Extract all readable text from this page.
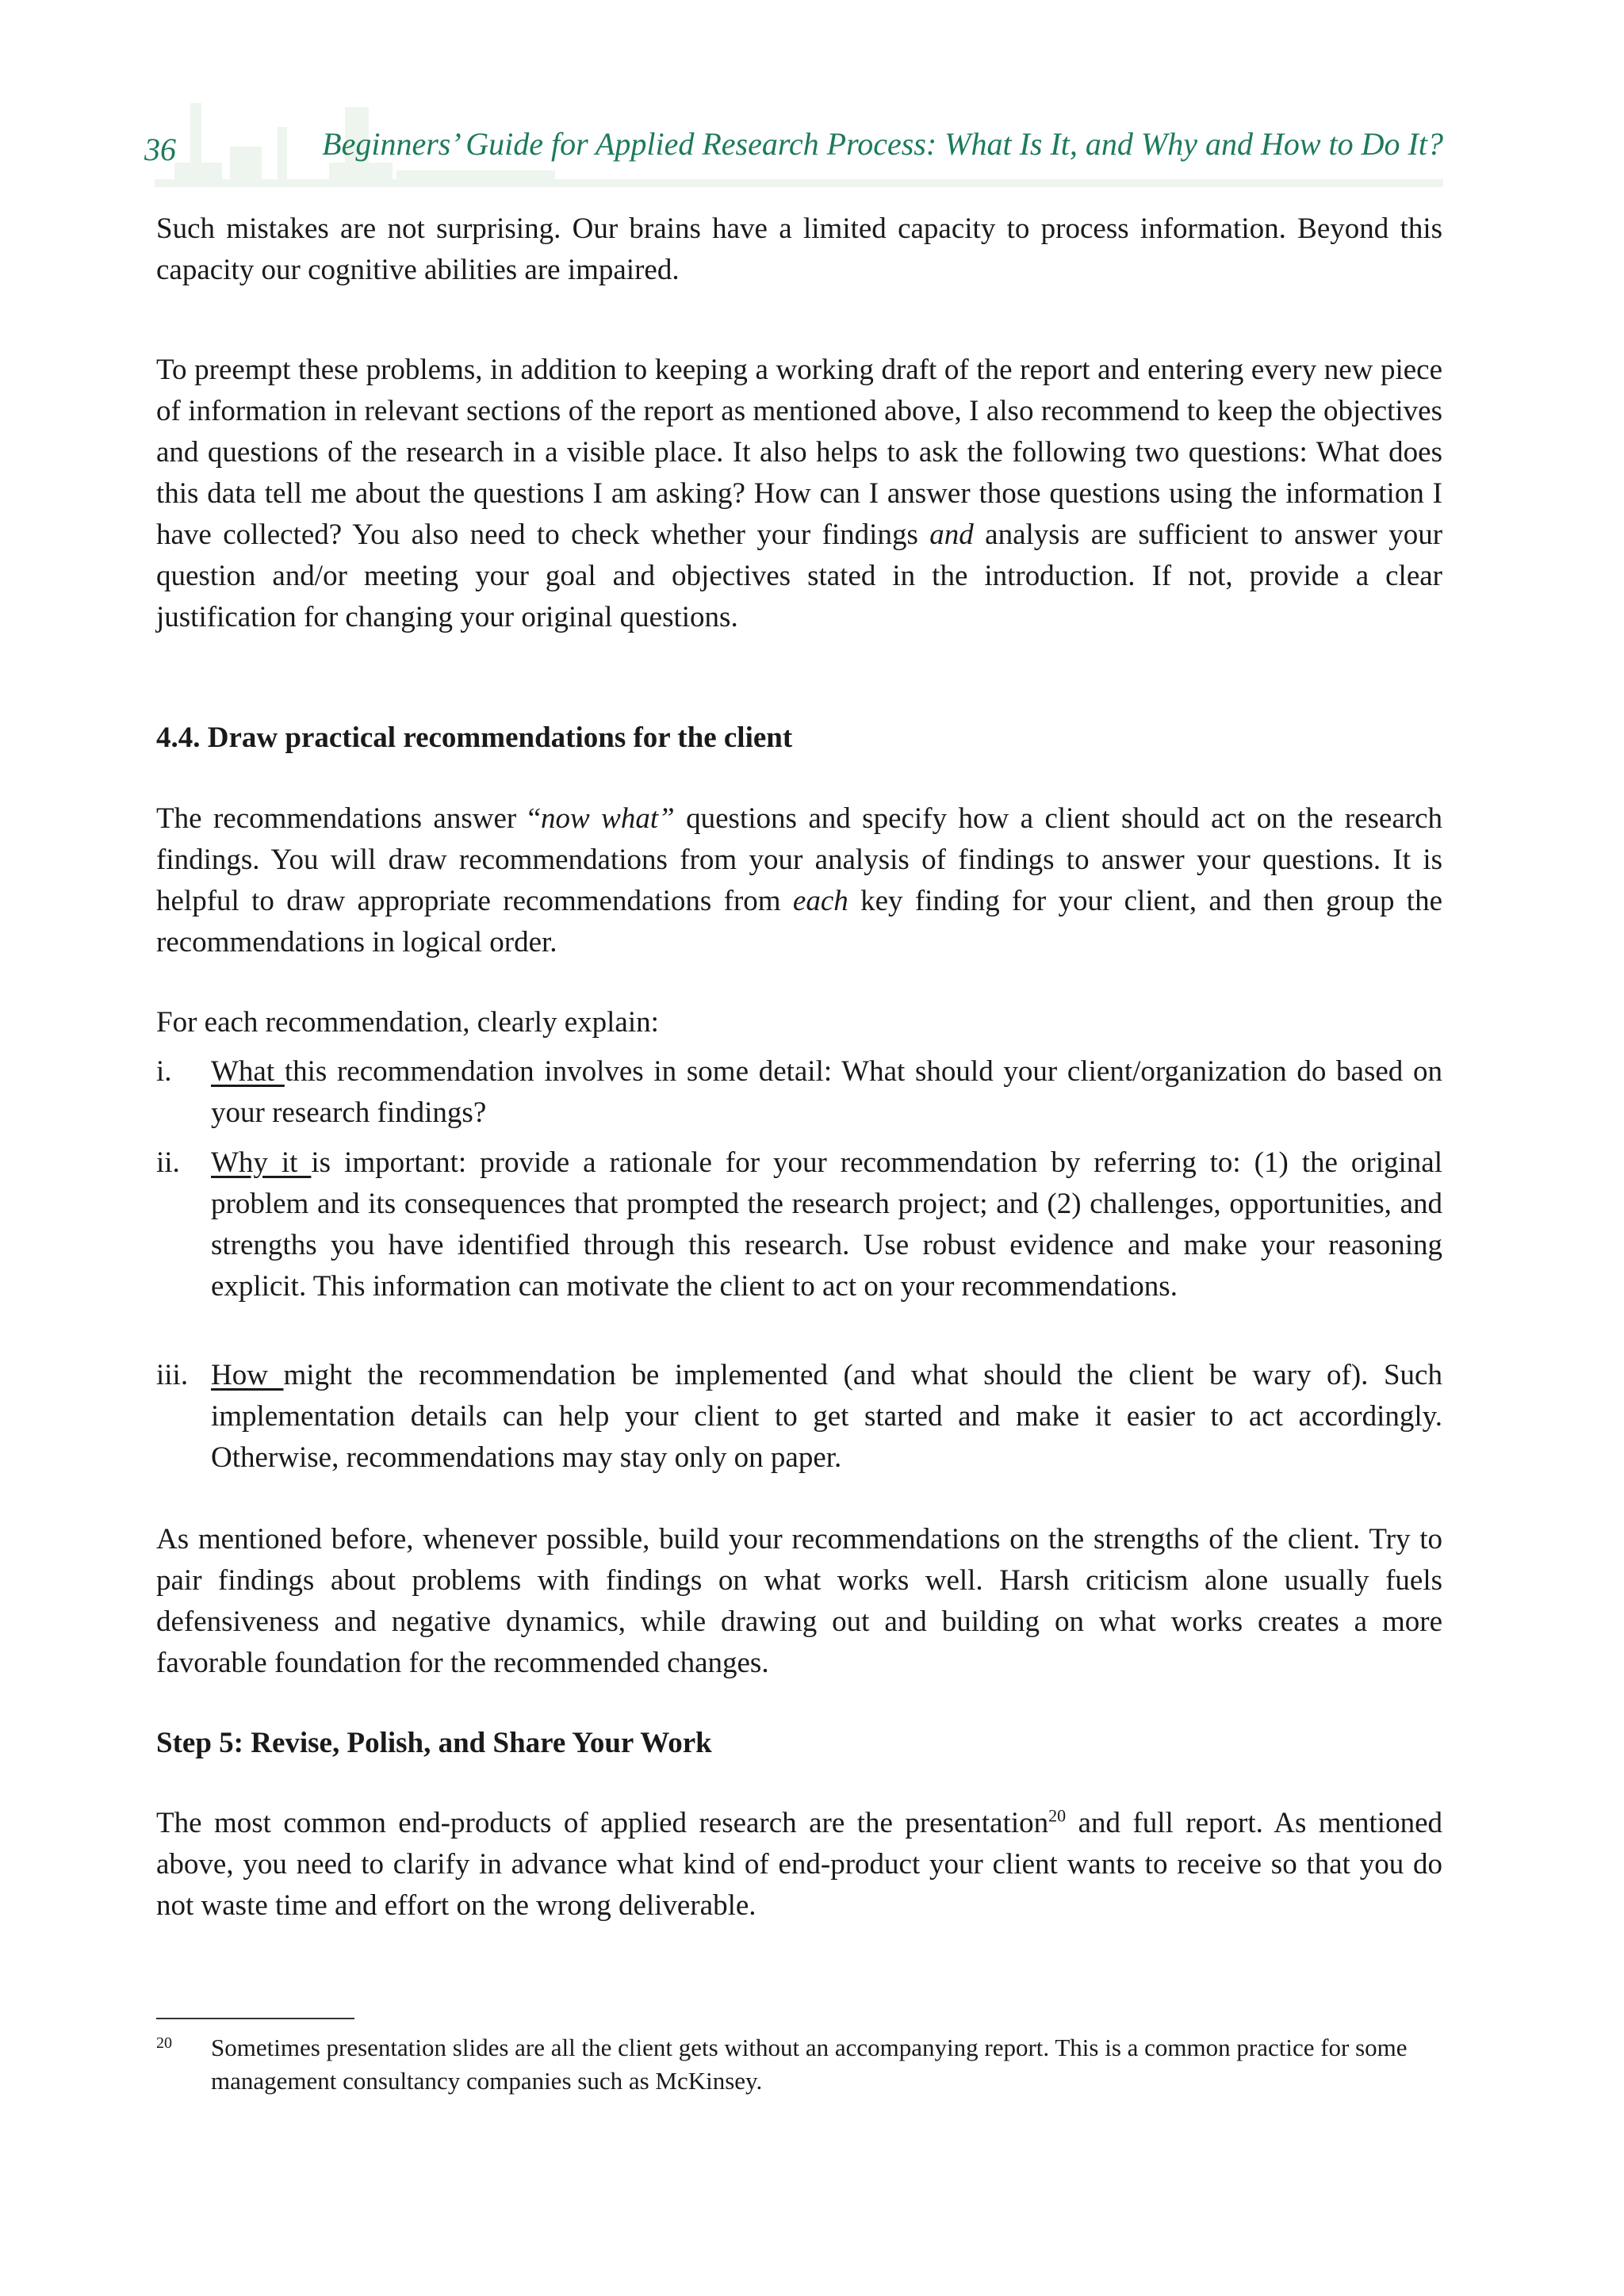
36	Beginners’ Guide for Applied Research Process: What Is It, and Why and How to Do It?

Such mistakes are not surprising. Our brains have a limited capacity to process information. Beyond this capacity our cognitive abilities are impaired.

To preempt these problems, in addition to keeping a working draft of the report and entering every new piece of information in relevant sections of the report as mentioned above, I also recommend to keep the objectives and questions of the research in a visible place. It also helps to ask the following two questions: What does this data tell me about the questions I am asking? How can I answer those questions using the information I have collected? You also need to check whether your findings and analysis are sufficient to answer your question and/or meeting your goal and objectives stated in the introduction. If not, provide a clear justification for changing your original questions.

4.4. Draw practical recommendations for the client

The recommendations answer “now what” questions and specify how a client should act on the research findings. You will draw recommendations from your analysis of findings to answer your questions. It is helpful to draw appropriate recommendations from each key finding for your client, and then group the recommendations in logical order.

For each recommendation, clearly explain:

i. What this recommendation involves in some detail: What should your client/organization do based on your research findings?
ii. Why it is important: provide a rationale for your recommendation by referring to: (1) the original problem and its consequences that prompted the research project; and (2) challenges, opportunities, and strengths you have identified through this research. Use robust evidence and make your reasoning explicit. This information can motivate the client to act on your recommendations.
iii. How might the recommendation be implemented (and what should the client be wary of). Such implementation details can help your client to get started and make it easier to act accordingly. Otherwise, recommendations may stay only on paper.

As mentioned before, whenever possible, build your recommendations on the strengths of the client. Try to pair findings about problems with findings on what works well. Harsh criticism alone usually fuels defensiveness and negative dynamics, while drawing out and building on what works creates a more favorable foundation for the recommended changes.

Step 5: Revise, Polish, and Share Your Work

The most common end-products of applied research are the presentation$^{20}$ and full report. As mentioned above, you need to clarify in advance what kind of end-product your client wants to receive so that you do not waste time and effort on the wrong deliverable.

20 Sometimes presentation slides are all the client gets without an accompanying report. This is a common practice for some management consultancy companies such as McKinsey.
